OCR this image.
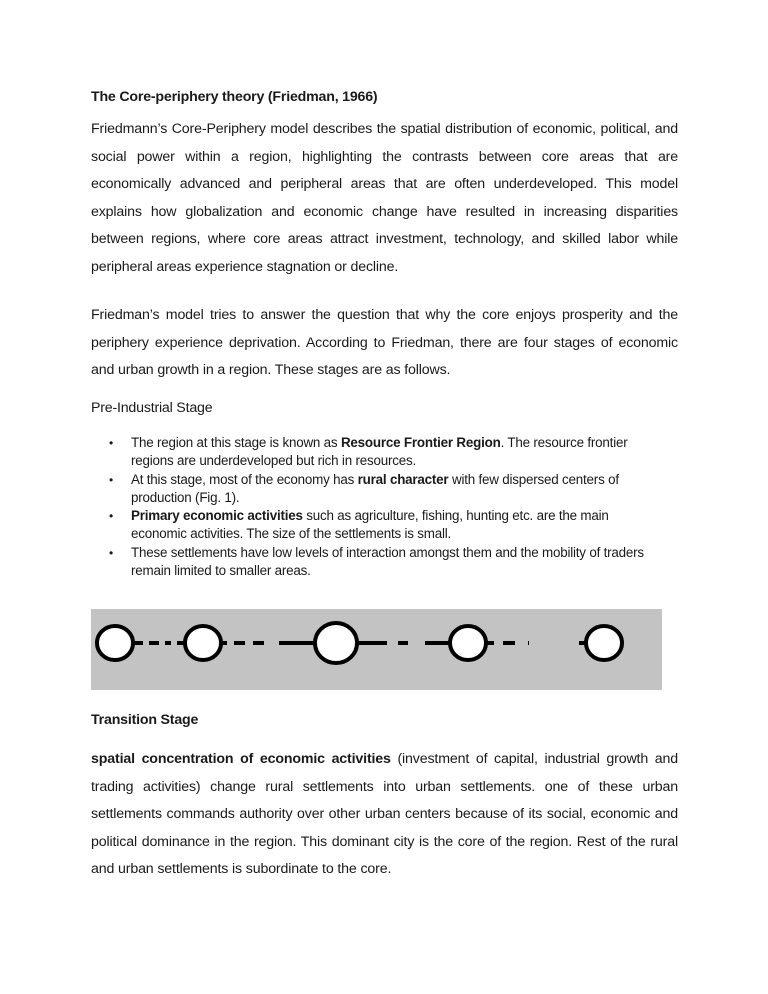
The Core-periphery theory (Friedman, 1966)

Friedmann’s Core-Periphery model describes the spatial distribution of economic, political, and social power within a region, highlighting the contrasts between core areas that are economically advanced and peripheral areas that are often underdeveloped. This model explains how globalization and economic change have resulted in increasing disparities between regions, where core areas attract investment, technology, and skilled labor while peripheral areas experience stagnation or decline.

Friedman’s model tries to answer the question that why the core enjoys prosperity and the periphery experience deprivation. According to Friedman, there are four stages of economic and urban growth in a region. These stages are as follows.

Pre-Industrial Stage
• The region at this stage is known as Resource Frontier Region. The resource frontier regions are underdeveloped but rich in resources.
• At this stage, most of the economy has rural character with few dispersed centers of production (Fig. 1).
• Primary economic activities such as agriculture, fishing, hunting etc. are the main economic activities. The size of the settlements is small.
• These settlements have low levels of interaction amongst them and the mobility of traders remain limited to smaller areas.
Transition Stage

spatial concentration of economic activities (investment of capital, industrial growth and trading activities) change rural settlements into urban settlements. one of these urban settlements commands authority over other urban centers because of its social, economic and political dominance in the region. This dominant city is the core of the region. Rest of the rural and urban settlements is subordinate to the core.
